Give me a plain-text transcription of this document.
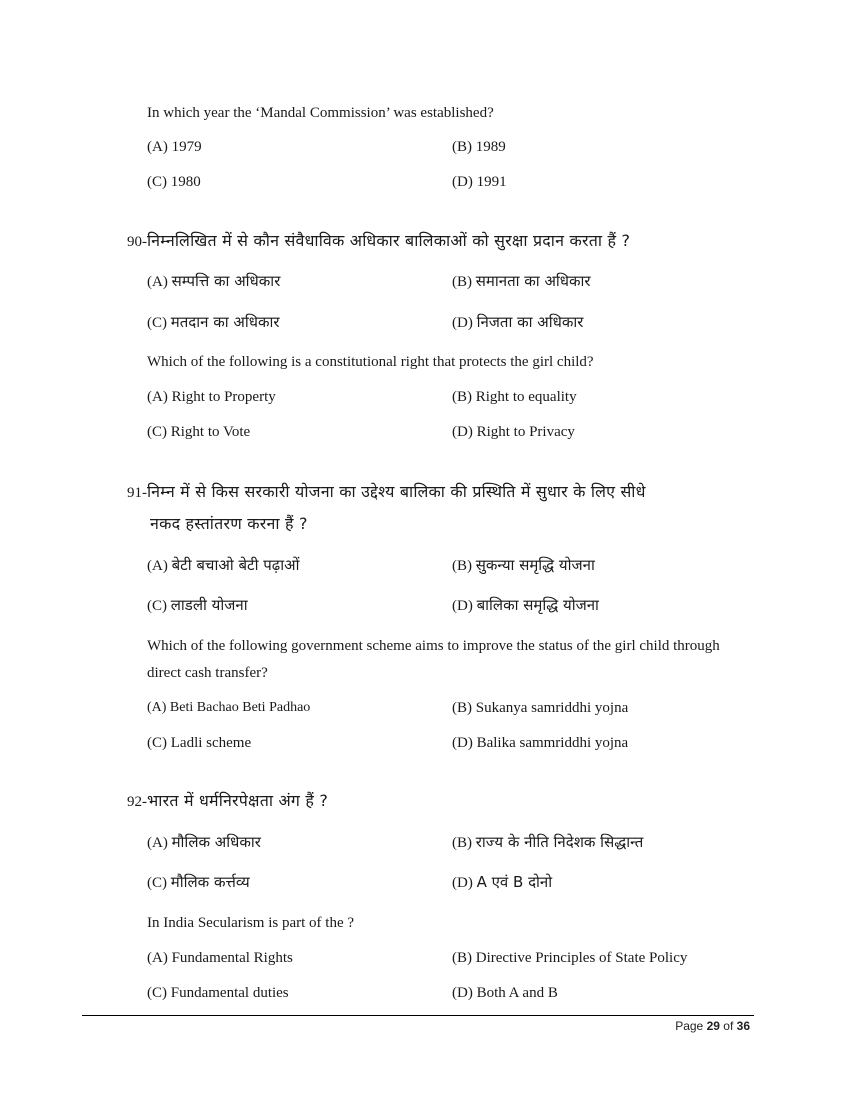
In which year the ‘Mandal Commission’ was established?
(A) 1979	(B) 1989
(C) 1980	(D) 1991
90-निम्नलिखित में से कौन संवैधाविक अधिकार बालिकाओं को सुरक्षा प्रदान करता हैं ?
(A) सम्पत्ति का अधिकार	(B) समानता का अधिकार
(C) मतदान का अधिकार	(D) निजता का अधिकार
Which of the following is a constitutional right that protects the girl child?
(A) Right to Property	(B) Right to equality
(C) Right to Vote	(D) Right to Privacy
91-निम्न में से किस सरकारी योजना का उद्देश्य बालिका की प्रस्थिति में सुधार के लिए सीधे
नकद हस्तांतरण करना हैं ?
(A) बेटी बचाओ बेटी पढ़ाओं	(B) सुकन्या समृद्धि योजना
(C) लाडली योजना	(D) बालिका समृद्धि योजना
Which of the following government scheme aims to improve the status of the girl child through
direct cash transfer?
(A) Beti Bachao Beti Padhao	(B) Sukanya samriddhi yojna
(C) Ladli scheme	(D) Balika sammriddhi yojna
92-भारत में धर्मनिरपेक्षता अंग हैं ?
(A) मौलिक अधिकार	(B) राज्य के नीति निदेशक सिद्धान्त
(C) मौलिक कर्त्तव्य	(D) A एवं B दोनो
In India Secularism is part of the ?
(A) Fundamental Rights	(B) Directive Principles of State Policy
(C) Fundamental duties	(D) Both A and B
Page 29 of 36
